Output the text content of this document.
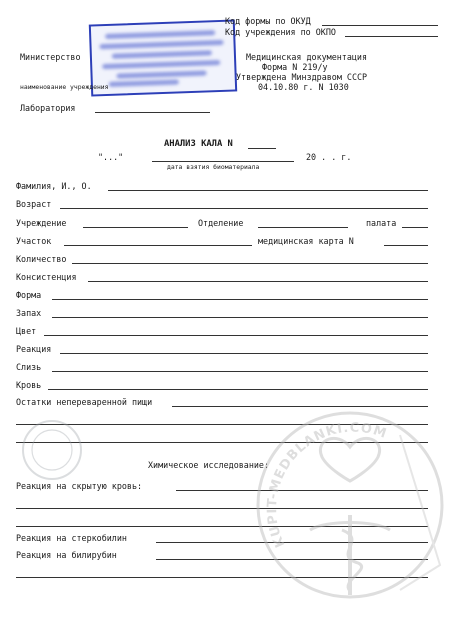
Код формы по ОКУД
Код учреждения по ОКПО
Министерство
наименование учреждения
Медицинская документация
Форма N 219/у
Утверждена Минздравом СССР
04.10.80 г. N 1030
Лаборатория
АНАЛИЗ КАЛА N
"..."	20 . . г.
дата взятия биоматериала
Фамилия, И., О.
Возраст
Учреждение	Отделение	палата
Участок	медицинская карта N
Количество
Консистенция
Форма
Запах
Цвет
Реакция
Слизь
Кровь
Остатки непереваренной пищи
Химическое исследование:
Реакция на скрытую кровь:
Реакция на стеркобилин
Реакция на билирубин
KUPIT-MEDBLANKI.COM
